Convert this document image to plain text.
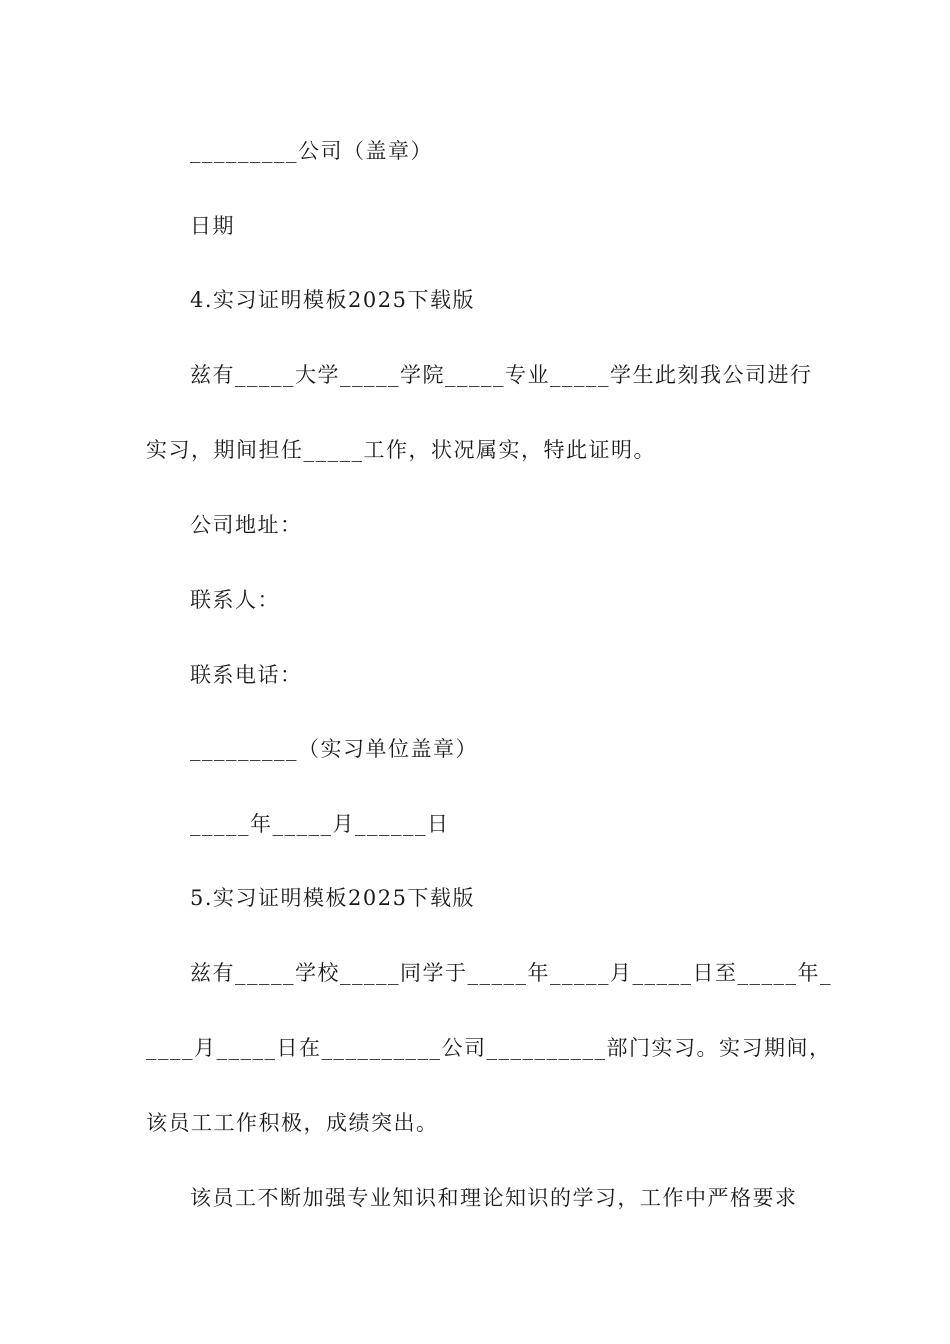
_________公司（盖章）
日期
4.实习证明模板2025下载版
兹有_____大学_____学院_____专业_____学生此刻我公司进行
实习，期间担任_____工作，状况属实，特此证明。
公司地址：
联系人：
联系电话：
_________（实习单位盖章）
_____年_____月______日
5.实习证明模板2025下载版
兹有_____学校_____同学于_____年_____月_____日至_____年_
____月_____日在__________公司__________部门实习。实习期间，
该员工工作积极，成绩突出。
该员工不断加强专业知识和理论知识的学习，工作中严格要求
